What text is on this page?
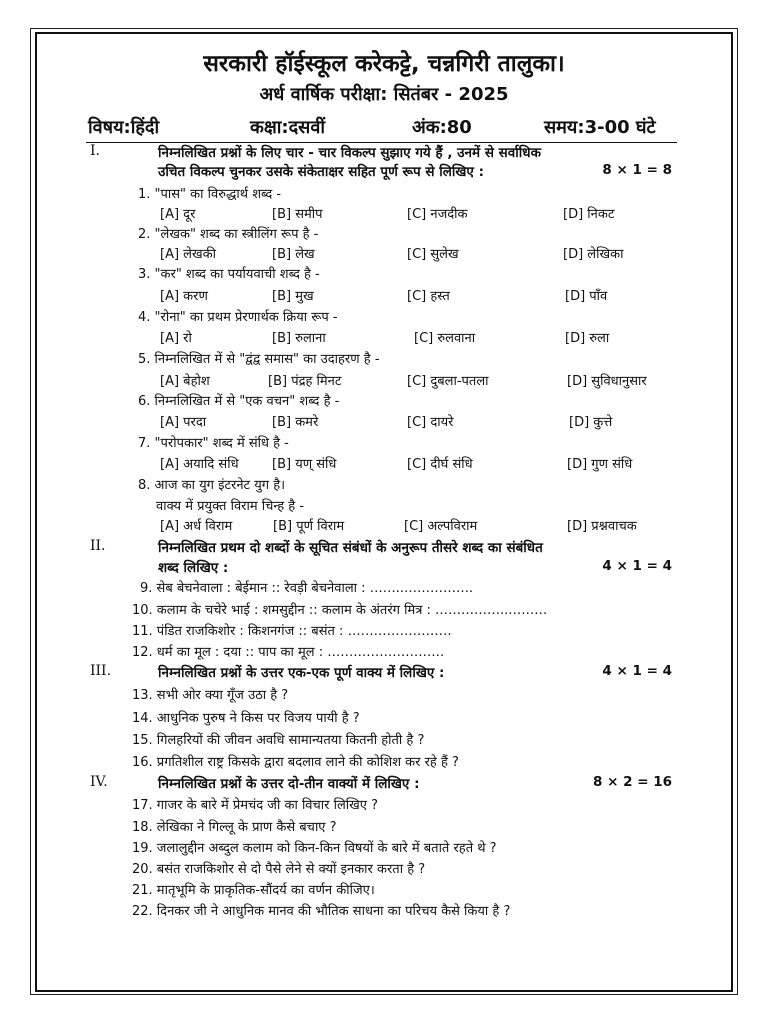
सरकारी हॉईस्कूल करेकट्टे, चन्नगिरी तालुका।
अर्ध वार्षिक परीक्षा: सितंबर - 2025
विषय:हिंदी	कक्षा:दसवीं	अंक:80	समय:3-00 घंटे
I.	निम्नलिखित प्रश्नों के लिए चार - चार विकल्प सुझाए गये हैं , उनमें से सर्वाधिक
उचित विकल्प चुनकर उसके संकेताक्षर सहित पूर्ण रूप से लिखिए :	8 × 1 = 8
1. "पास" का विरुद्धार्थ शब्द -
[A] दूर	[B] समीप	[C] नजदीक	[D] निकट
2. "लेखक" शब्द का स्त्रीलिंग रूप है -
[A] लेखकी	[B] लेख	[C] सुलेख	[D] लेखिका
3. "कर" शब्द का पर्यायवाची शब्द है -
[A] करण	[B] मुख	[C] हस्त	[D] पाँव
4. "रोना" का प्रथम प्रेरणार्थक क्रिया रूप -
[A] रो	[B] रुलाना	[C] रुलवाना	[D] रुला
5. निम्नलिखित में से "द्वंद्व समास" का उदाहरण है -
[A] बेहोश	[B] पंद्रह मिनट	[C] दुबला-पतला	[D] सुविधानुसार
6. निम्नलिखित में से "एक वचन" शब्द है -
[A] परदा	[B] कमरे	[C] दायरे	[D] कुत्ते
7. "परोपकार" शब्द में संधि है -
[A] अयादि संधि	[B] यण् संधि	[C] दीर्घ संधि	[D] गुण संधि
8. आज का युग इंटरनेट युग है।
वाक्य में प्रयुक्त विराम चिन्ह है -
[A] अर्ध विराम	[B] पूर्ण विराम	[C] अल्पविराम	[D] प्रश्नवाचक
II.	निम्नलिखित प्रथम दो शब्दों के सूचित संबंधों के अनुरूप तीसरे शब्द का संबंधित
शब्द लिखिए :	4 × 1 = 4
9. सेब बेचनेवाला : बेईमान :: रेवड़ी बेचनेवाला : ……..…………….
10. कलाम के चचेरे भाई : शमसुद्दीन :: कलाम के अंतरंग मित्र : ……………..………
11. पंडित राजकिशोर : किशनगंज :: बसंत : ……………………
12. धर्म का मूल : दया :: पाप का मूल : ………………………
III.	निम्नलिखित प्रश्नों के उत्तर एक-एक पूर्ण वाक्य में लिखिए :	4 × 1 = 4
13. सभी ओर क्या गूँज उठा है ?
14. आधुनिक पुरुष ने किस पर विजय पायी है ?
15. गिलहरियों की जीवन अवधि सामान्यतया कितनी होती है ?
16. प्रगतिशील राष्ट्र किसके द्वारा बदलाव लाने की कोशिश कर रहे हैं ?
IV.	निम्नलिखित प्रश्नों के उत्तर दो-तीन वाक्यों में लिखिए :	8 × 2 = 16
17. गाजर के बारे में प्रेमचंद जी का विचार लिखिए ?
18. लेखिका ने गिल्लू के प्राण कैसे बचाए ?
19. जलालुद्दीन अब्दुल कलाम को किन-किन विषयों के बारे में बताते रहते थे ?
20. बसंत राजकिशोर से दो पैसे लेने से क्यों इनकार करता है ?
21. मातृभूमि के प्राकृतिक-सौंदर्य का वर्णन कीजिए।
22. दिनकर जी ने आधुनिक मानव की भौतिक साधना का परिचय कैसे किया है ?
